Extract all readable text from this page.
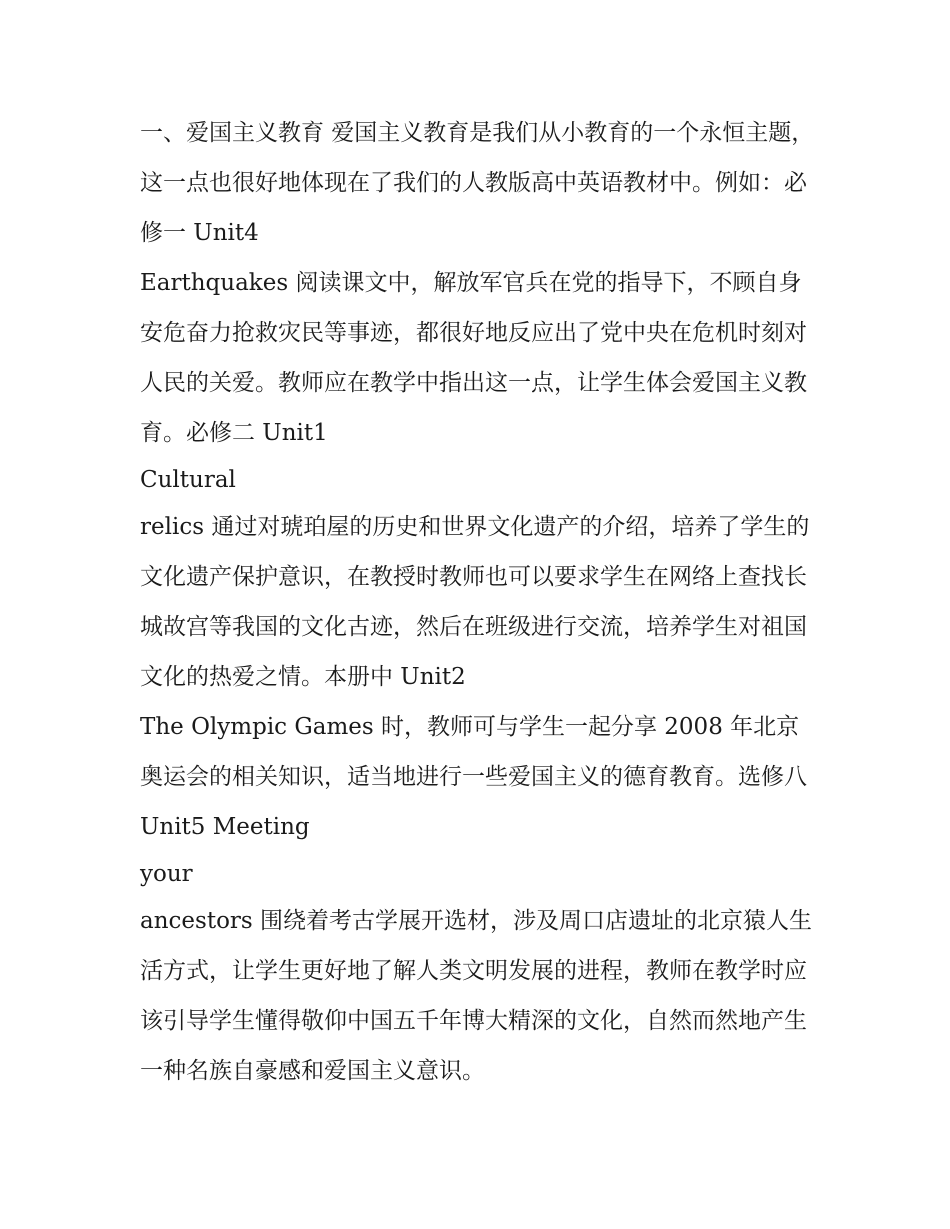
一、爱国主义教育 爱国主义教育是我们从小教育的一个永恒主题，这一点也很好地体现在了我们的人教版高中英语教材中。例如：必修一 Unit4

Earthquakes 阅读课文中，解放军官兵在党的指导下，不顾自身安危奋力抢救灾民等事迹，都很好地反应出了党中央在危机时刻对人民的关爱。教师应在教学中指出这一点，让学生体会爱国主义教育。必修二 Unit1

Cultural

relics 通过对琥珀屋的历史和世界文化遗产的介绍，培养了学生的文化遗产保护意识，在教授时教师也可以要求学生在网络上查找长城故宫等我国的文化古迹，然后在班级进行交流，培养学生对祖国文化的热爱之情。本册中 Unit2

The Olympic Games 时，教师可与学生一起分享 2008 年北京奥运会的相关知识，适当地进行一些爱国主义的德育教育。选修八 Unit5 Meeting

your

ancestors 围绕着考古学展开选材，涉及周口店遗址的北京猿人生活方式，让学生更好地了解人类文明发展的进程，教师在教学时应该引导学生懂得敬仰中国五千年博大精深的文化，自然而然地产生一种名族自豪感和爱国主义意识。
